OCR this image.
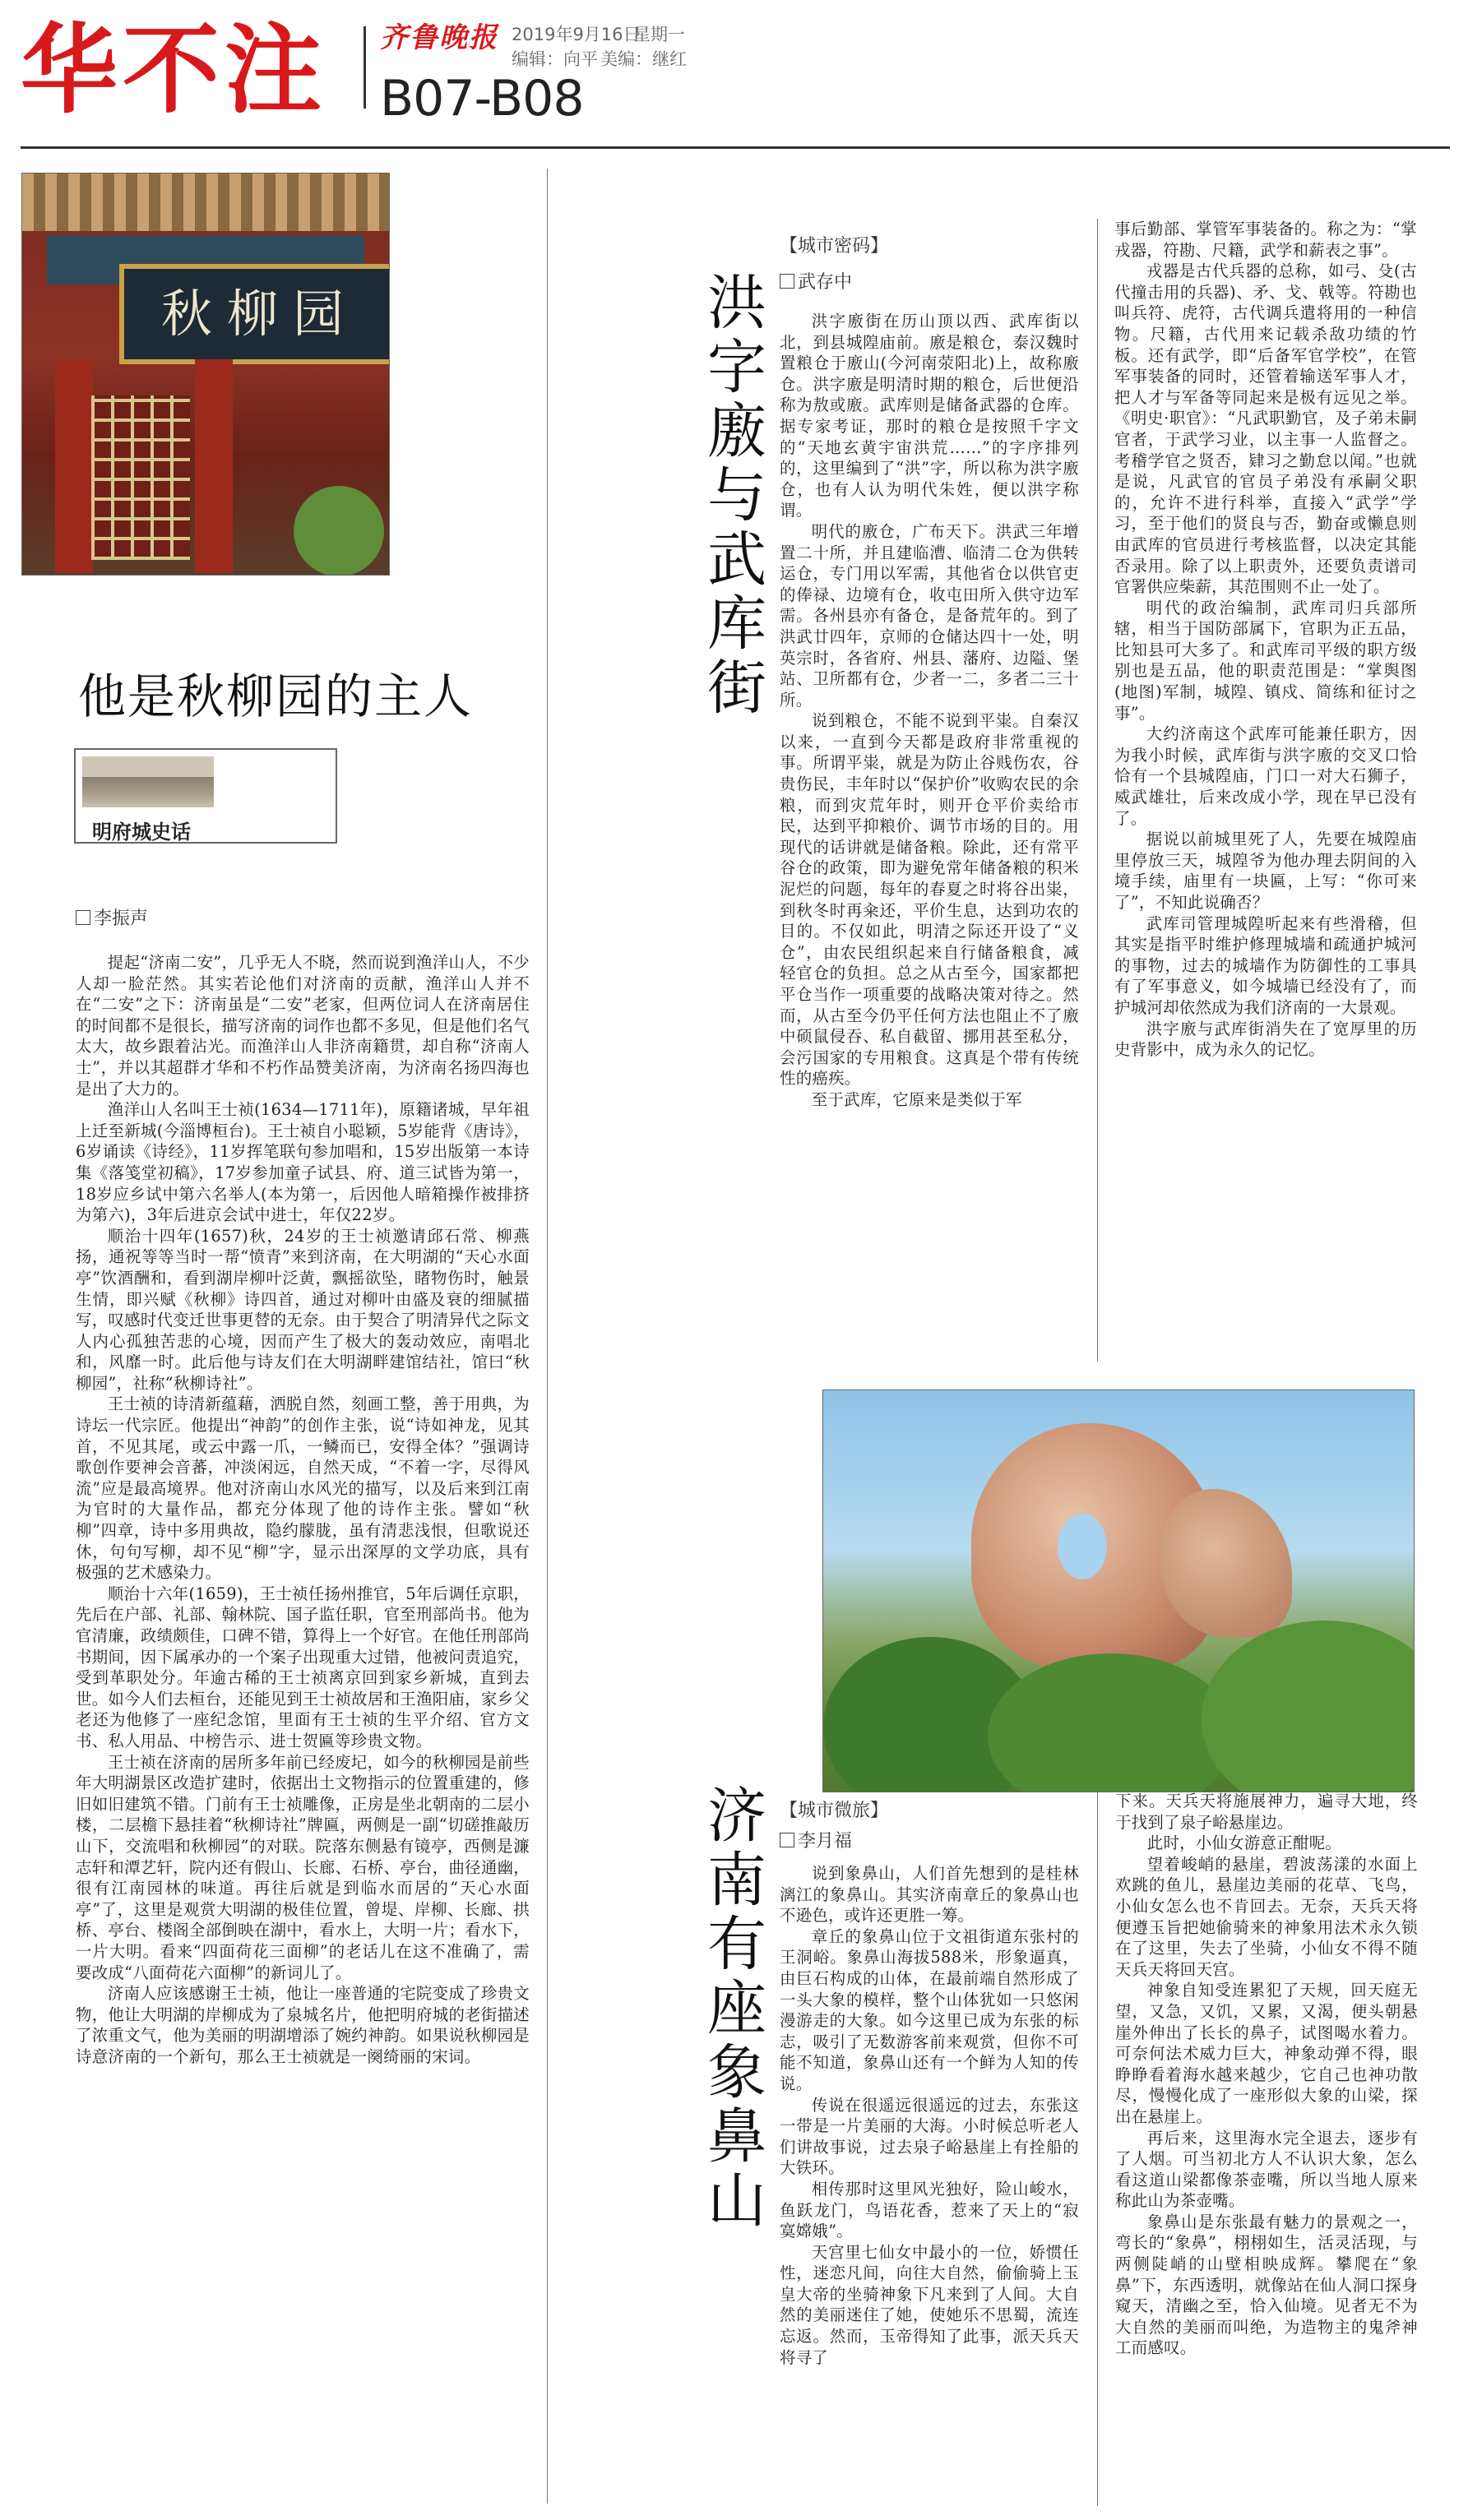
华不注	齐鲁晚报 2019年9月16日
星期一
编辑：向平 美编：继红
B07-B08
秋柳园
他是秋柳园的主人
明府城史话
李振声

提起“济南二安”，几乎无人不晓，然而说到渔洋山人，不少人却一脸茫然。其实若论他们对济南的贡献，渔洋山人并不在“二安”之下：济南虽是“二安”老家，但两位词人在济南居住的时间都不是很长，描写济南的词作也都不多见，但是他们名气太大，故乡跟着沾光。而渔洋山人非济南籍贯，却自称“济南人士”，并以其超群才华和不朽作品赞美济南，为济南名扬四海也是出了大力的。

渔洋山人名叫王士祯(1634—1711年)，原籍诸城，早年祖上迁至新城(今淄博桓台)。王士祯自小聪颖，5岁能背《唐诗》，6岁诵读《诗经》，11岁挥笔联句参加唱和，15岁出版第一本诗集《落笺堂初稿》，17岁参加童子试县、府、道三试皆为第一，18岁应乡试中第六名举人(本为第一，后因他人暗箱操作被排挤为第六)，3年后进京会试中进士，年仅22岁。

顺治十四年(1657)秋，24岁的王士祯邀请邱石常、柳燕扬，通祝等等当时一帮“愤青”来到济南，在大明湖的“天心水面亭”饮酒酬和，看到湖岸柳叶泛黄，飘摇欲坠，睹物伤时，触景生情，即兴赋《秋柳》诗四首，通过对柳叶由盛及衰的细腻描写，叹感时代变迁世事更替的无奈。由于契合了明清异代之际文人内心孤独苦悲的心境，因而产生了极大的轰动效应，南唱北和，风靡一时。此后他与诗友们在大明湖畔建馆结社，馆曰“秋柳园”，社称“秋柳诗社”。

王士祯的诗清新蕴藉，洒脱自然，刻画工整，善于用典，为诗坛一代宗匠。他提出“神韵”的创作主张，说“诗如神龙，见其首，不见其尾，或云中露一爪，一鳞而已，安得全体？”强调诗歌创作要神会音蕃，冲淡闲远，自然天成，“不着一字，尽得风流”应是最高境界。他对济南山水风光的描写，以及后来到江南为官时的大量作品，都充分体现了他的诗作主张。譬如“秋柳”四章，诗中多用典故，隐约朦胧，虽有清悲浅恨，但歌说还休，句句写柳，却不见“柳”字，显示出深厚的文学功底，具有极强的艺术感染力。

顺治十六年(1659)，王士祯任扬州推官，5年后调任京职，先后在户部、礼部、翰林院、国子监任职，官至刑部尚书。他为官清廉，政绩颇佳，口碑不错，算得上一个好官。在他任刑部尚书期间，因下属承办的一个案子出现重大过错，他被问责追究，受到革职处分。年逾古稀的王士祯离京回到家乡新城，直到去世。如今人们去桓台，还能见到王士祯故居和王渔阳庙，家乡父老还为他修了一座纪念馆，里面有王士祯的生平介绍、官方文书、私人用品、中榜告示、进士贺匾等珍贵文物。

王士祯在济南的居所多年前已经废圮，如今的秋柳园是前些年大明湖景区改造扩建时，依据出土文物指示的位置重建的，修旧如旧建筑不错。门前有王士祯雕像，正房是坐北朝南的二层小楼，二层檐下悬挂着“秋柳诗社”牌匾，两侧是一副“切磋推敲历山下，交流唱和秋柳园”的对联。院落东侧悬有镜亭，西侧是濂志轩和潭艺轩，院内还有假山、长廊、石桥、亭台，曲径通幽，很有江南园林的味道。再往后就是到临水而居的“天心水面亭”了，这里是观赏大明湖的极佳位置，曾堤、岸柳、长廊、拱桥、亭台、楼阁全部倒映在湖中，看水上，大明一片；看水下，一片大明。看来“四面荷花三面柳”的老话儿在这不准确了，需要改成“八面荷花六面柳”的新词儿了。

济南人应该感谢王士祯，他让一座普通的宅院变成了珍贵文物，他让大明湖的岸柳成为了泉城名片，他把明府城的老街描述了浓重文气，他为美丽的明湖增添了婉约神韵。如果说秋柳园是诗意济南的一个新句，那么王士祯就是一阕绮丽的宋词。

洪字廒与武库街
【城市密码】
武存中

洪字廒街在历山顶以西、武库街以北，到县城隍庙前。廒是粮仓，泰汉魏时置粮仓于廒山(今河南荥阳北)上，故称廒仓。洪字廒是明清时期的粮仓，后世便沿称为敖或廒。武库则是储备武器的仓库。据专家考证，那时的粮仓是按照千字文的“天地玄黄宇宙洪荒……”的字序排列的，这里编到了“洪”字，所以称为洪字廒仓，也有人认为明代朱姓，便以洪字称谓。

明代的廒仓，广布天下。洪武三年增置二十所，并且建临漕、临清二仓为供转运仓，专门用以军需，其他省仓以供官吏的俸禄、边境有仓，收屯田所入供守边军需。各州县亦有备仓，是备荒年的。到了洪武廿四年，京师的仓储达四十一处，明英宗时，各省府、州县、藩府、边隘、堡站、卫所都有仓，少者一二，多者二三十所。

说到粮仓，不能不说到平粜。自秦汉以来，一直到今天都是政府非常重视的事。所谓平粜，就是为防止谷贱伤农，谷贵伤民，丰年时以“保护价”收购农民的余粮，而到灾荒年时，则开仓平价卖给市民，达到平抑粮价、调节市场的目的。用现代的话讲就是储备粮。除此，还有常平谷仓的政策，即为避免常年储备粮的积米泥烂的问题，每年的春夏之时将谷出粜，到秋冬时再籴还，平价生息，达到功农的目的。不仅如此，明清之际还开设了“义仓”，由农民组织起来自行储备粮食，减轻官仓的负担。总之从古至今，国家都把平仓当作一项重要的战略决策对待之。然而，从古至今仍平任何方法也阻止不了廒中硕鼠侵吞、私自截留、挪用甚至私分，会污国家的专用粮食。这真是个带有传统性的癌疾。

至于武库，它原来是类似于军

事后勤部、掌管军事装备的。称之为：“掌戎器，符勘、尺籍，武学和薪表之事”。

戎器是古代兵器的总称，如弓、殳(古代撞击用的兵器)、矛、戈、戟等。符勘也叫兵符、虎符，古代调兵遣将用的一种信物。尺籍，古代用来记载杀敌功绩的竹板。还有武学，即“后备军官学校”，在管军事装备的同时，还管着输送军事人才，把人才与军备等同起来是极有远见之举。《明史·职官》：“凡武职勤官，及子弟未嗣官者，于武学习业，以主事一人监督之。考稽学官之贤否，肄习之勤怠以闻。”也就是说，凡武官的官员子弟没有承嗣父职的，允许不进行科举，直接入“武学”学习，至于他们的贤良与否，勤奋或懒息则由武库的官员进行考核监督，以决定其能否录用。除了以上职责外，还要负责谱司官署供应柴薪，其范围则不止一处了。

明代的政治编制，武库司归兵部所辖，相当于国防部属下，官职为正五品，比知县可大多了。和武库司平级的职方级别也是五品，他的职责范围是：“掌舆图(地图)军制，城隍、镇戍、简练和征讨之事”。

大约济南这个武库可能兼任职方，因为我小时候，武库街与洪字廒的交叉口恰恰有一个县城隍庙，门口一对大石狮子，威武雄壮，后来改成小学，现在早已没有了。

据说以前城里死了人，先要在城隍庙里停放三天，城隍爷为他办理去阴间的入境手续，庙里有一块匾，上写：“你可来了”，不知此说确否？

武库司管理城隍听起来有些滑稽，但其实是指平时维护修理城墙和疏通护城河的事物，过去的城墙作为防御性的工事具有了军事意义，如今城墙已经没有了，而护城河却依然成为我们济南的一大景观。

洪字廒与武库街消失在了宽厚里的历史背影中，成为永久的记忆。

济南有座象鼻山 【城市微旅】
李月福

说到象鼻山，人们首先想到的是桂林漓江的象鼻山。其实济南章丘的象鼻山也不逊色，或许还更胜一筹。

章丘的象鼻山位于文祖街道东张村的王洞峪。象鼻山海拔588米，形象逼真，由巨石构成的山体，在最前端自然形成了一头大象的模样，整个山体犹如一只悠闲漫游走的大象。如今这里已成为东张的标志，吸引了无数游客前来观赏，但你不可能不知道，象鼻山还有一个鲜为人知的传说。

传说在很遥远很遥远的过去，东张这一带是一片美丽的大海。小时候总听老人们讲故事说，过去泉子峪悬崖上有拴船的大铁环。

相传那时这里风光独好，险山峻水，鱼跃龙门，鸟语花香，惹来了天上的“寂寞嫦娥”。

天宫里七仙女中最小的一位，娇惯任性，迷恋凡间，向往大自然，偷偷骑上玉皇大帝的坐骑神象下凡来到了人间。大自然的美丽迷住了她，使她乐不思蜀，流连忘返。然而，玉帝得知了此事，派天兵天将寻了

下来。天兵天将施展神力，遍寻大地，终于找到了泉子峪悬崖边。

此时，小仙女游意正酣呢。

望着峻峭的悬崖，碧波荡漾的水面上欢跳的鱼儿，悬崖边美丽的花草、飞鸟，小仙女怎么也不肯回去。无奈，天兵天将便遵玉旨把她偷骑来的神象用法术永久锁在了这里，失去了坐骑，小仙女不得不随天兵天将回天宫。

神象自知受连累犯了天规，回天庭无望，又急，又饥，又累，又渴，便头朝悬崖外伸出了长长的鼻子，试图喝水着力。可奈何法术威力巨大，神象动弹不得，眼睁睁看着海水越来越少，它自己也神功散尽，慢慢化成了一座形似大象的山梁，探出在悬崖上。

再后来，这里海水完全退去，逐步有了人烟。可当初北方人不认识大象，怎么看这道山梁都像茶壶嘴，所以当地人原来称此山为茶壶嘴。

象鼻山是东张最有魅力的景观之一，弯长的“象鼻”，栩栩如生，活灵活现，与两侧陡峭的山壁相映成辉。攀爬在“象鼻”下，东西透明，就像站在仙人洞口探身窥天，清幽之至，恰入仙境。见者无不为大自然的美丽而叫绝，为造物主的鬼斧神工而感叹。
